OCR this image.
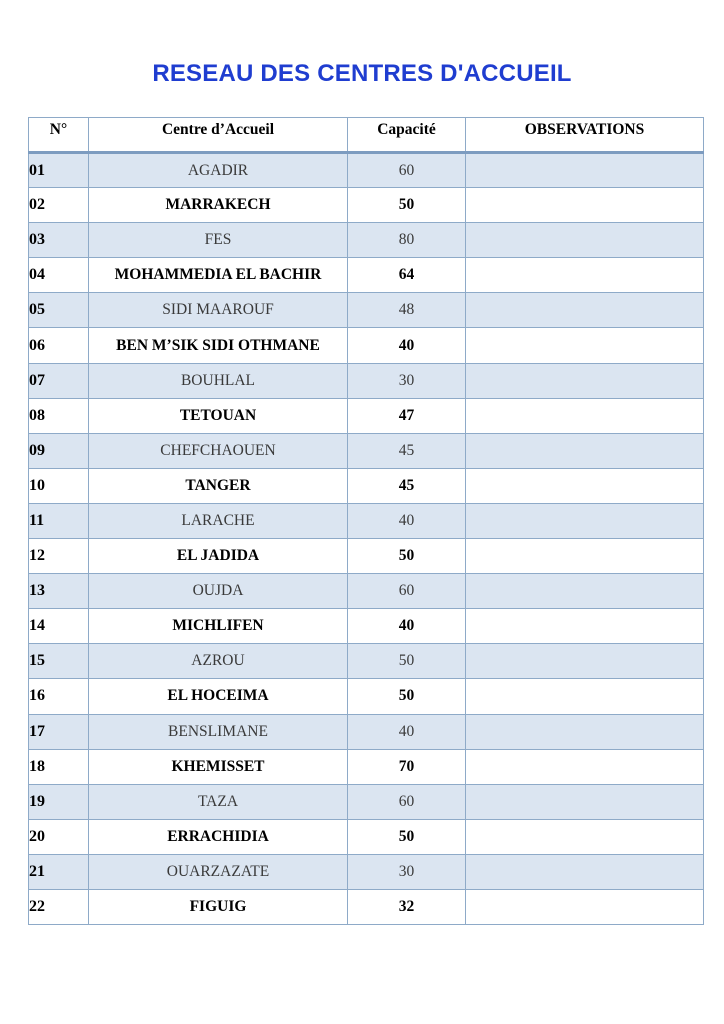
RESEAU DES CENTRES D'ACCUEIL
N°	Centre d’Accueil	Capacité	OBSERVATIONS
01	AGADIR	60	
02	MARRAKECH	50	
03	FES	80	
04	MOHAMMEDIA EL BACHIR	64	
05	SIDI MAAROUF	48	
06	BEN M’SIK SIDI OTHMANE	40	
07	BOUHLAL	30	
08	TETOUAN	47	
09	CHEFCHAOUEN	45	
10	TANGER	45	
11	LARACHE	40	
12	EL JADIDA	50	
13	OUJDA	60	
14	MICHLIFEN	40	
15	AZROU	50	
16	EL HOCEIMA	50	
17	BENSLIMANE	40	
18	KHEMISSET	70	
19	TAZA	60	
20	ERRACHIDIA	50	
21	OUARZAZATE	30	
22	FIGUIG	32	
